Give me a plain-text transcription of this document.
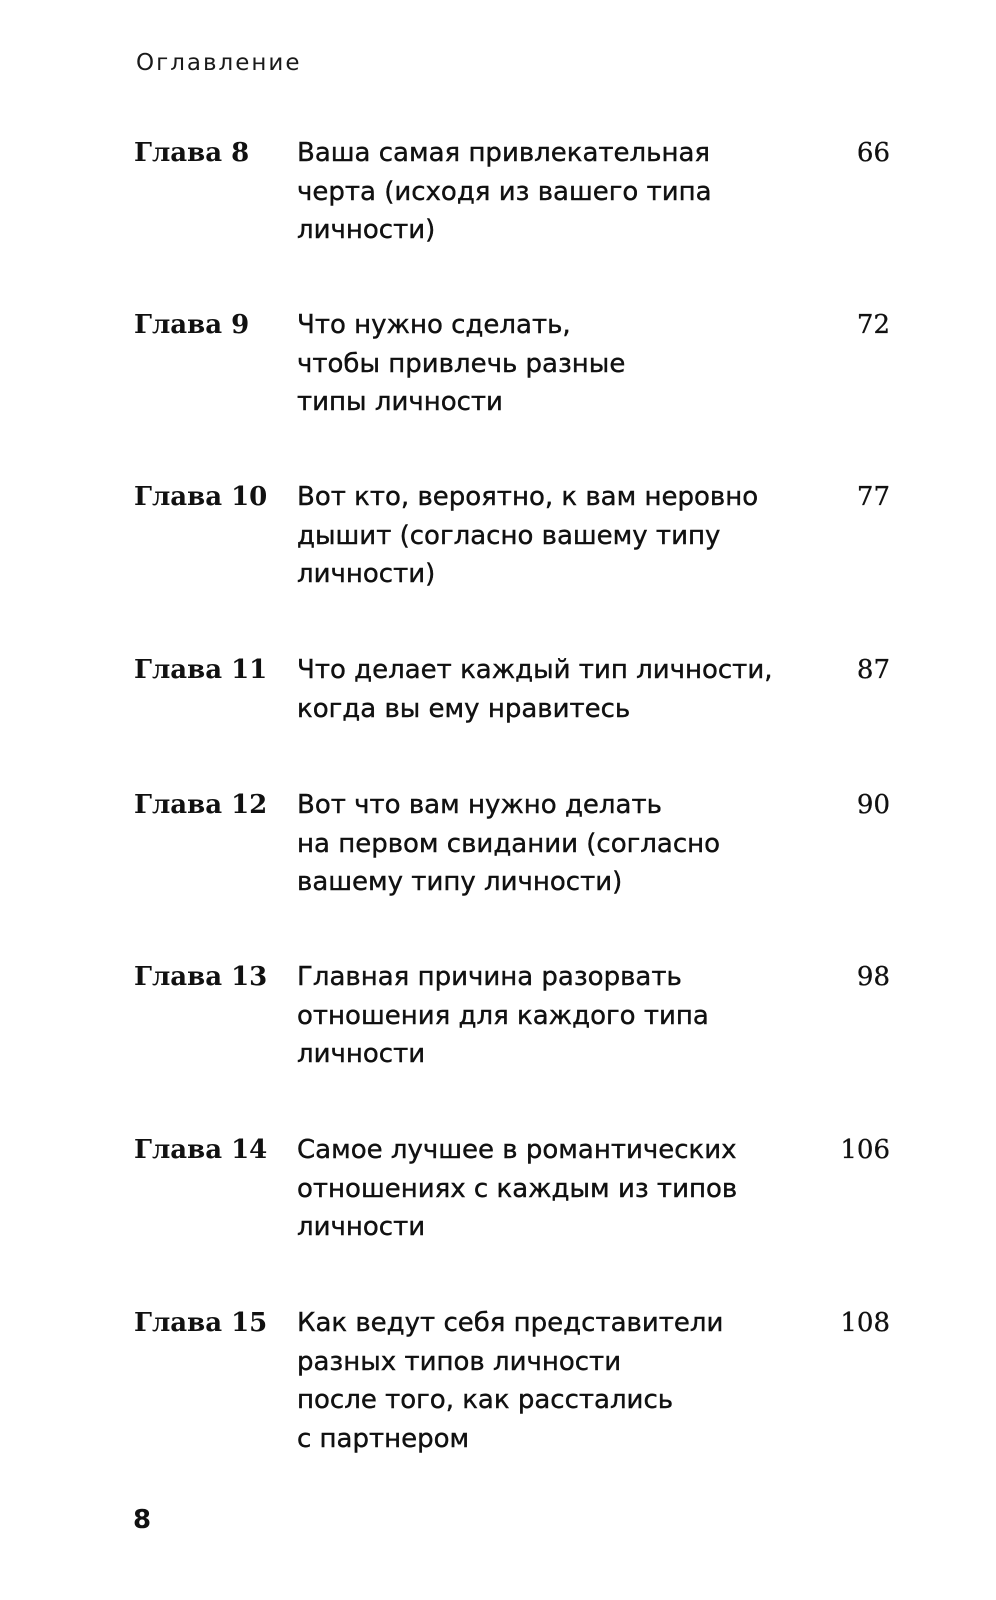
Оглавление
Глава 8 Ваша самая привлекательная
черта (исходя из вашего типа
личности)
66
Глава 9 Что нужно сделать,
чтобы привлечь разные
типы личности
72
Глава 10 Вот кто, вероятно, к вам неровно
дышит (согласно вашему типу
личности)
77
Глава 11 Что делает каждый тип личности,
когда вы ему нравитесь
87
Глава 12 Вот что вам нужно делать
на первом свидании (согласно
вашему типу личности)
90
Глава 13 Главная причина разорвать
отношения для каждого типа
личности
98
Глава 14 Самое лучшее в романтических
отношениях с каждым из типов
личности
106
Глава 15 Как ведут себя представители
разных типов личности
после того, как расстались
с партнером
108
8
